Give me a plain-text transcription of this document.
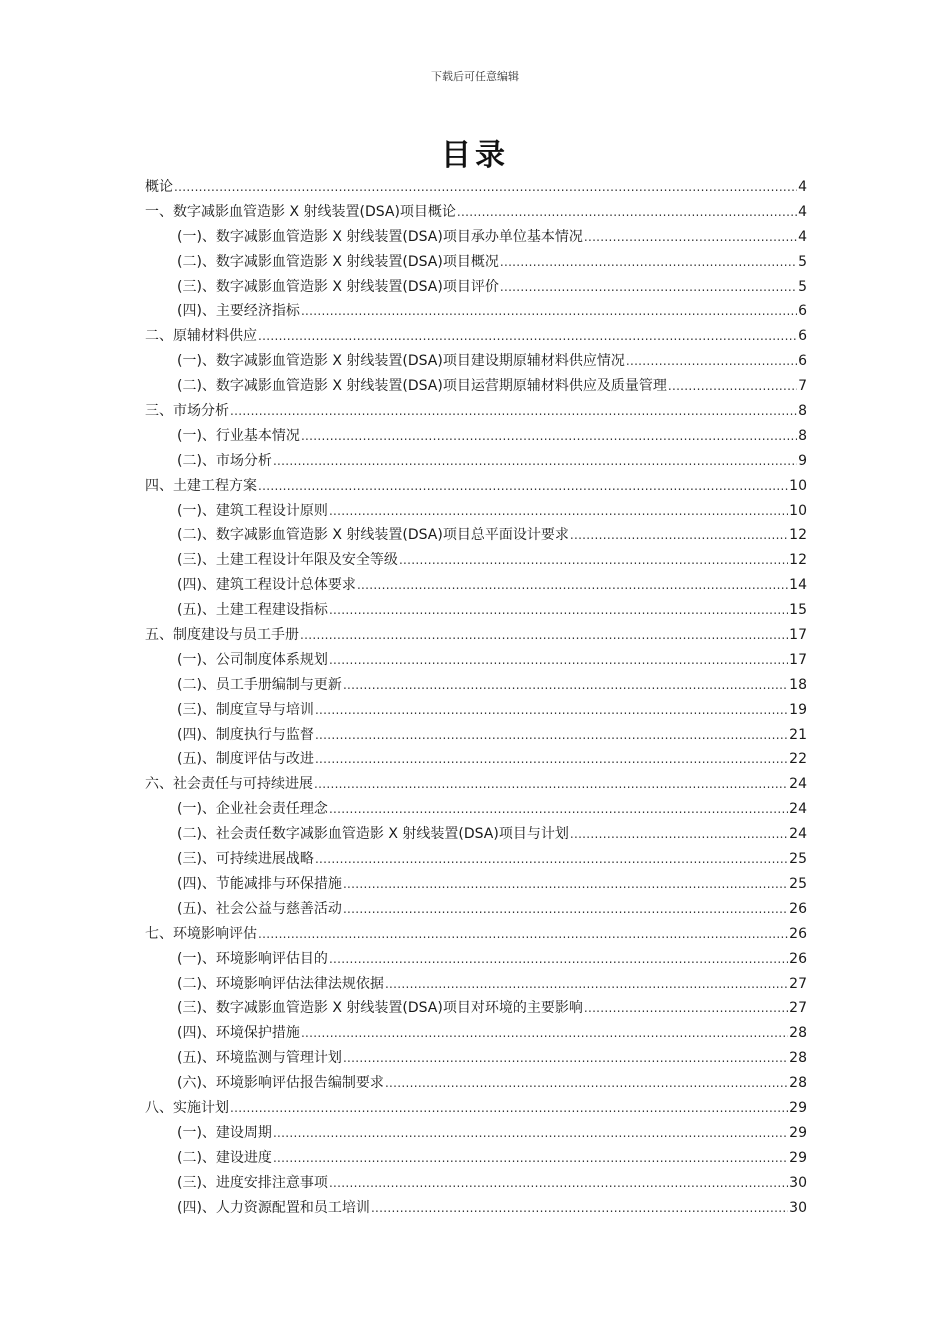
下载后可任意编辑
目录
概论 .....	4
一、数字减影血管造影 X 射线装置(DSA)项目概论 .....	4
(一)、数字减影血管造影 X 射线装置(DSA)项目承办单位基本情况 .....	4
(二)、数字减影血管造影 X 射线装置(DSA)项目概况 .....	5
(三)、数字减影血管造影 X 射线装置(DSA)项目评价 .....	5
(四)、主要经济指标 .....	6
二、原辅材料供应 .....	6
(一)、数字减影血管造影 X 射线装置(DSA)项目建设期原辅材料供应情况 .....	6
(二)、数字减影血管造影 X 射线装置(DSA)项目运营期原辅材料供应及质量管理 .....	7
三、市场分析 .....	8
(一)、行业基本情况 .....	8
(二)、市场分析 .....	9
四、土建工程方案 .....	10
(一)、建筑工程设计原则 .....	10
(二)、数字减影血管造影 X 射线装置(DSA)项目总平面设计要求 .....	12
(三)、土建工程设计年限及安全等级 .....	12
(四)、建筑工程设计总体要求 .....	14
(五)、土建工程建设指标 .....	15
五、制度建设与员工手册 .....	17
(一)、公司制度体系规划 .....	17
(二)、员工手册编制与更新 .....	18
(三)、制度宣导与培训 .....	19
(四)、制度执行与监督 .....	21
(五)、制度评估与改进 .....	22
六、社会责任与可持续进展 .....	24
(一)、企业社会责任理念 .....	24
(二)、社会责任数字减影血管造影 X 射线装置(DSA)项目与计划 .....	24
(三)、可持续进展战略 .....	25
(四)、节能减排与环保措施 .....	25
(五)、社会公益与慈善活动 .....	26
七、环境影响评估 .....	26
(一)、环境影响评估目的 .....	26
(二)、环境影响评估法律法规依据 .....	27
(三)、数字减影血管造影 X 射线装置(DSA)项目对环境的主要影响 .....	27
(四)、环境保护措施 .....	28
(五)、环境监测与管理计划 .....	28
(六)、环境影响评估报告编制要求 .....	28
八、实施计划 .....	29
(一)、建设周期 .....	29
(二)、建设进度 .....	29
(三)、进度安排注意事项 .....	30
(四)、人力资源配置和员工培训 .....	30
